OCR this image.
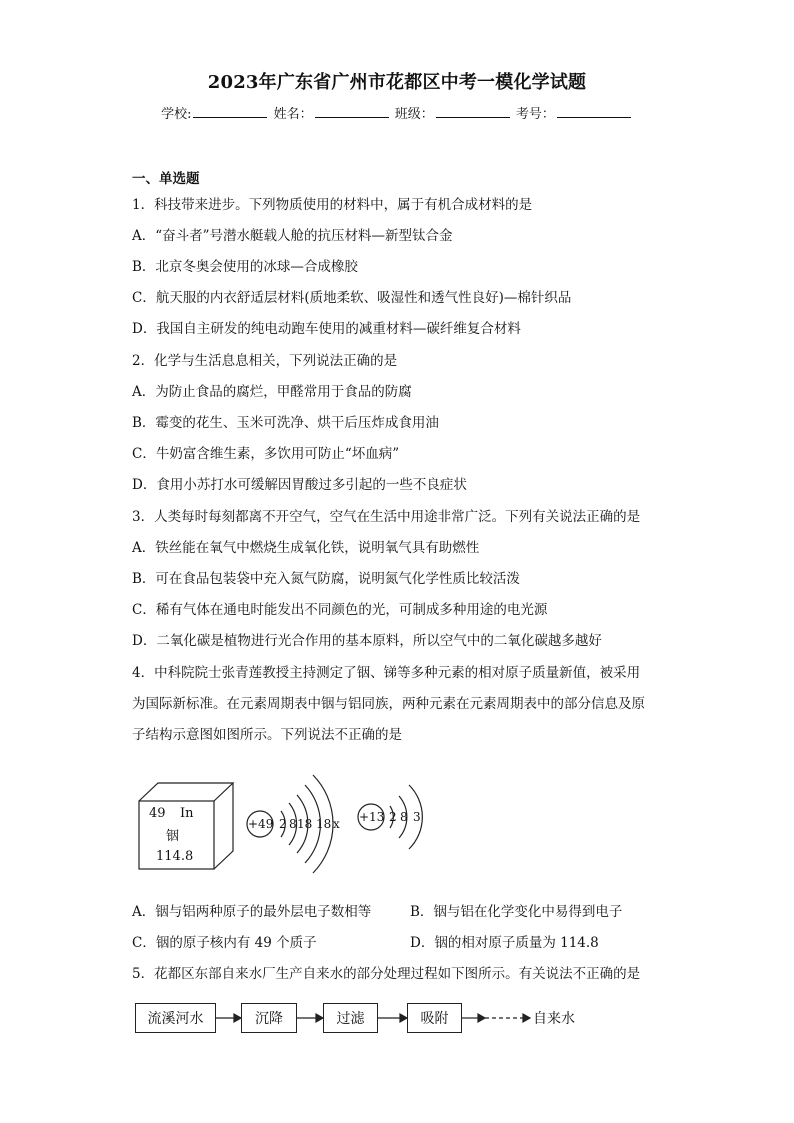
2023年广东省广州市花都区中考一模化学试题
学校:	姓名：	班级：	考号：
一、单选题
1．科技带来进步。下列物质使用的材料中，属于有机合成材料的是
A．“奋斗者”号潜水艇载人舱的抗压材料—新型钛合金
B．北京冬奥会使用的冰球—合成橡胶
C．航天服的内衣舒适层材料(质地柔软、吸湿性和透气性良好)—棉针织品
D．我国自主研发的纯电动跑车使用的减重材料—碳纤维复合材料
2．化学与生活息息相关，下列说法正确的是
A．为防止食品的腐烂，甲醛常用于食品的防腐
B．霉变的花生、玉米可洗净、烘干后压炸成食用油
C．牛奶富含维生素，多饮用可防止“坏血病”
D．食用小苏打水可缓解因胃酸过多引起的一些不良症状
3．人类每时每刻都离不开空气，空气在生活中用途非常广泛。下列有关说法正确的是
A．铁丝能在氧气中燃烧生成氧化铁，说明氧气具有助燃性
B．可在食品包装袋中充入氮气防腐，说明氮气化学性质比较活泼
C．稀有气体在通电时能发出不同颜色的光，可制成多种用途的电光源
D．二氧化碳是植物进行光合作用的基本原料，所以空气中的二氧化碳越多越好
4．中科院院士张青莲教授主持测定了铟、锑等多种元素的相对原子质量新值，被采用
为国际新标准。在元素周期表中铟与铝同族，两种元素在元素周期表中的部分信息及原
子结构示意图如图所示。下列说法不正确的是
49 In
铟
114.8
+49 2 8 18 18 x +13 2 8 3
A．铟与铝两种原子的最外层电子数相等	B．铟与铝在化学变化中易得到电子
C．铟的原子核内有 49 个质子	D．铟的相对原子质量为 114.8
5．花都区东部自来水厂生产自来水的部分处理过程如下图所示。有关说法不正确的是
流溪河水	沉降	过滤	吸附	自来水
